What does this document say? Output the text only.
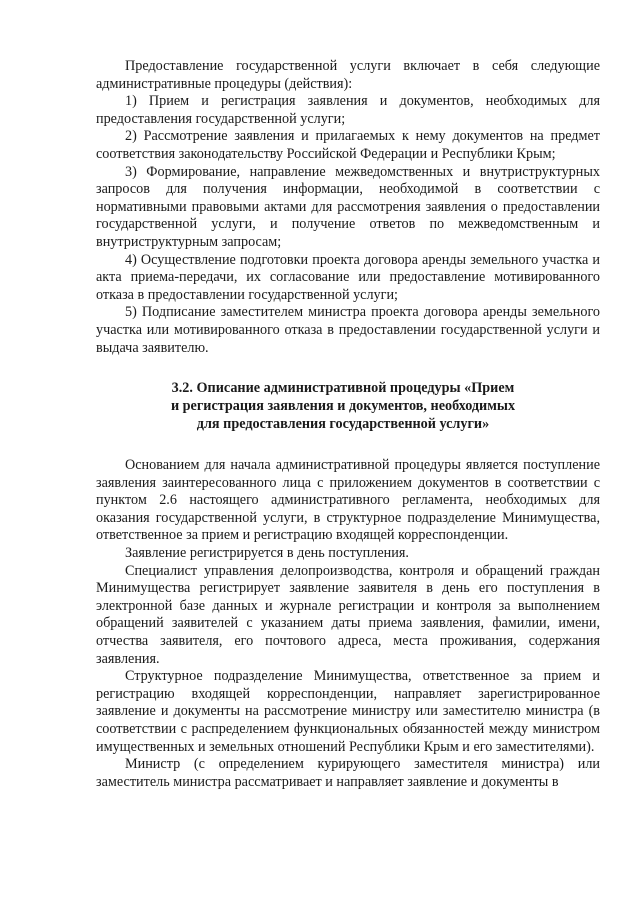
Предоставление государственной услуги включает в себя следующие административные процедуры (действия):

1) Прием и регистрация заявления и документов, необходимых для предоставления государственной услуги;

2) Рассмотрение заявления и прилагаемых к нему документов на предмет соответствия законодательству Российской Федерации и Республики Крым;

3) Формирование, направление межведомственных и внутриструктурных запросов для получения информации, необходимой в соответствии с нормативными правовыми актами для рассмотрения заявления о предоставлении государственной услуги, и получение ответов по межведомственным и внутриструктурным запросам;

4) Осуществление подготовки проекта договора аренды земельного участка и акта приема-передачи, их согласование или предоставление мотивированного отказа в предоставлении государственной услуги;

5) Подписание заместителем министра проекта договора аренды земельного участка или мотивированного отказа в предоставлении государственной услуги и выдача заявителю.

3.2. Описание административной процедуры «Прием
и регистрация заявления и документов, необходимых
для предоставления государственной услуги»

Основанием для начала административной процедуры является поступление заявления заинтересованного лица с приложением документов в соответствии с пунктом 2.6 настоящего административного регламента, необходимых для оказания государственной услуги, в структурное подразделение Минимущества, ответственное за прием и регистрацию входящей корреспонденции.

Заявление регистрируется в день поступления.

Специалист управления делопроизводства, контроля и обращений граждан Минимущества регистрирует заявление заявителя в день его поступления в электронной базе данных и журнале регистрации и контроля за выполнением обращений заявителей с указанием даты приема заявления, фамилии, имени, отчества заявителя, его почтового адреса, места проживания, содержания заявления.

Структурное подразделение Минимущества, ответственное за прием и регистрацию входящей корреспонденции, направляет зарегистрированное заявление и документы на рассмотрение министру или заместителю министра (в соответствии с распределением функциональных обязанностей между министром имущественных и земельных отношений Республики Крым и его заместителями).

Министр (с определением курирующего заместителя министра) или заместитель министра рассматривает и направляет заявление и документы в
